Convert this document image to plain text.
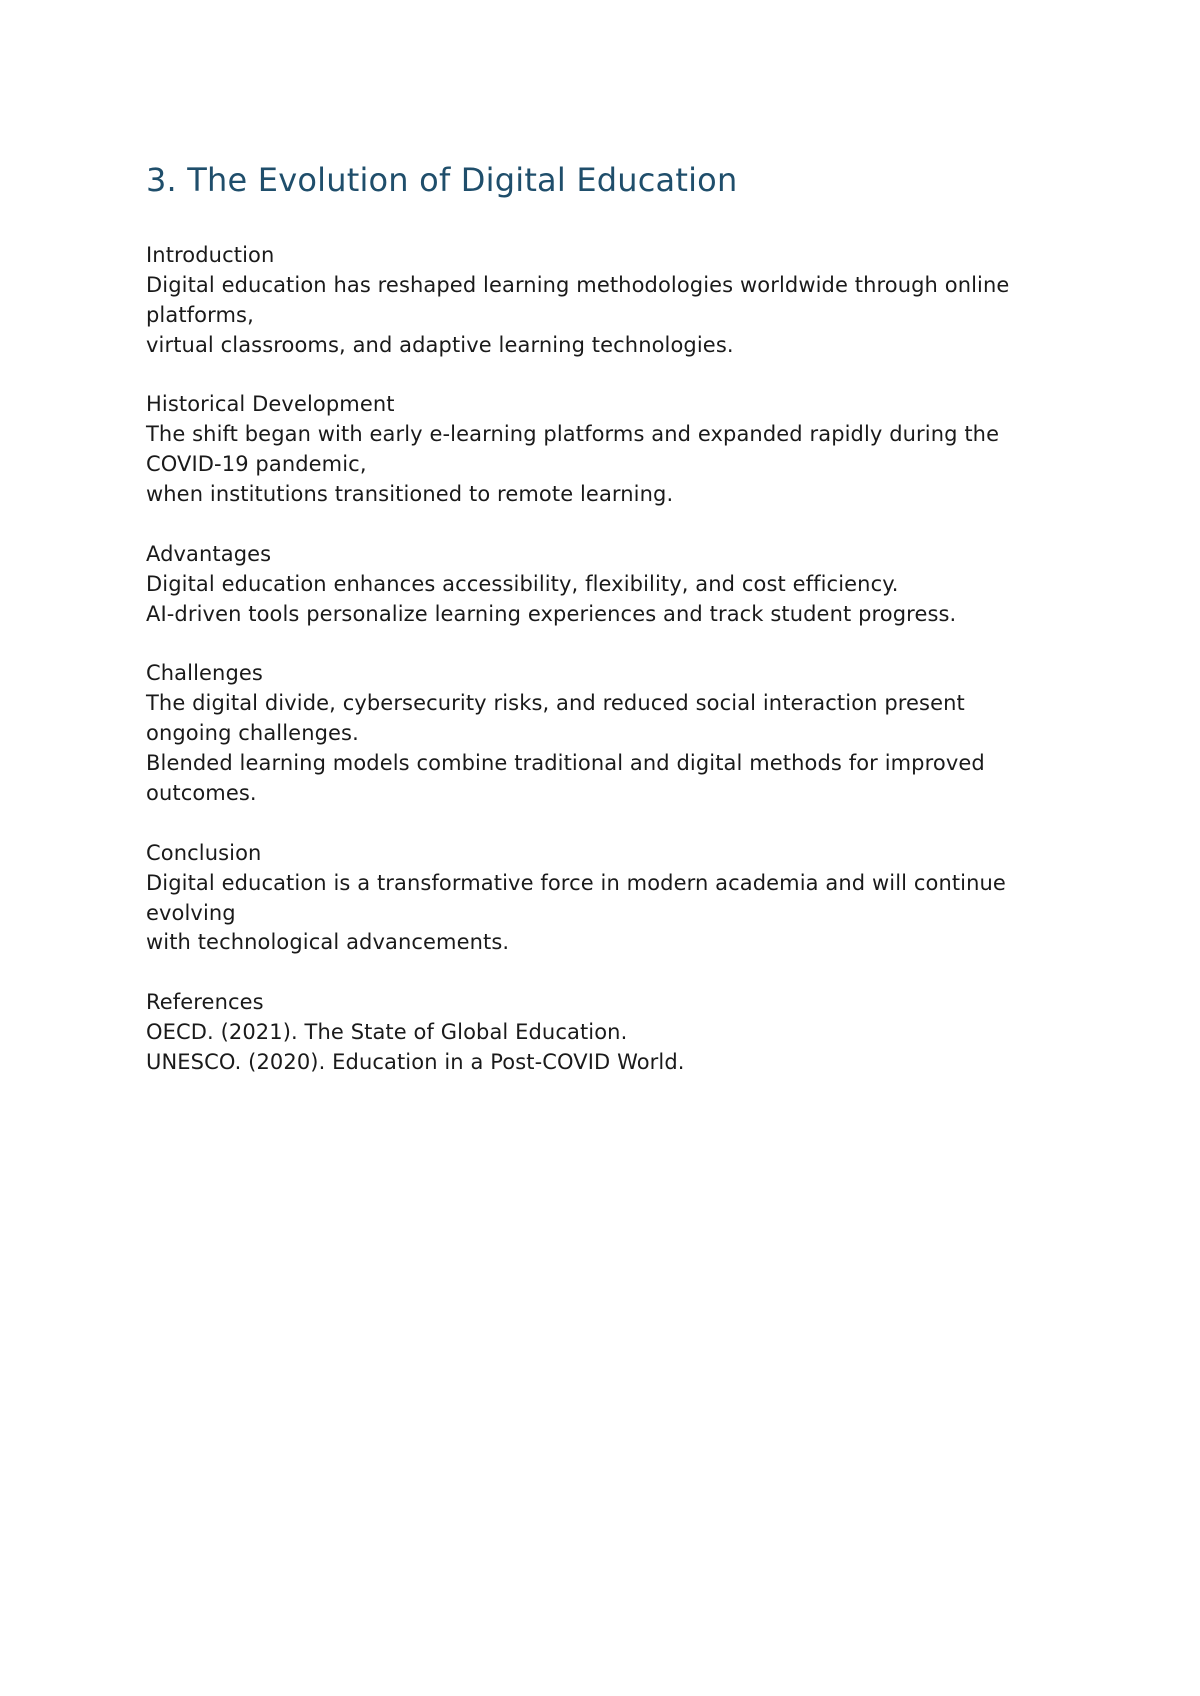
3. The Evolution of Digital Education
Introduction
Digital education has reshaped learning methodologies worldwide through online
platforms,
virtual classrooms, and adaptive learning technologies.
Historical Development
The shift began with early e-learning platforms and expanded rapidly during the
COVID-19 pandemic,
when institutions transitioned to remote learning.
Advantages
Digital education enhances accessibility, flexibility, and cost efficiency.
AI-driven tools personalize learning experiences and track student progress.
Challenges
The digital divide, cybersecurity risks, and reduced social interaction present
ongoing challenges.
Blended learning models combine traditional and digital methods for improved
outcomes.
Conclusion
Digital education is a transformative force in modern academia and will continue
evolving
with technological advancements.
References
OECD. (2021). The State of Global Education.
UNESCO. (2020). Education in a Post-COVID World.
